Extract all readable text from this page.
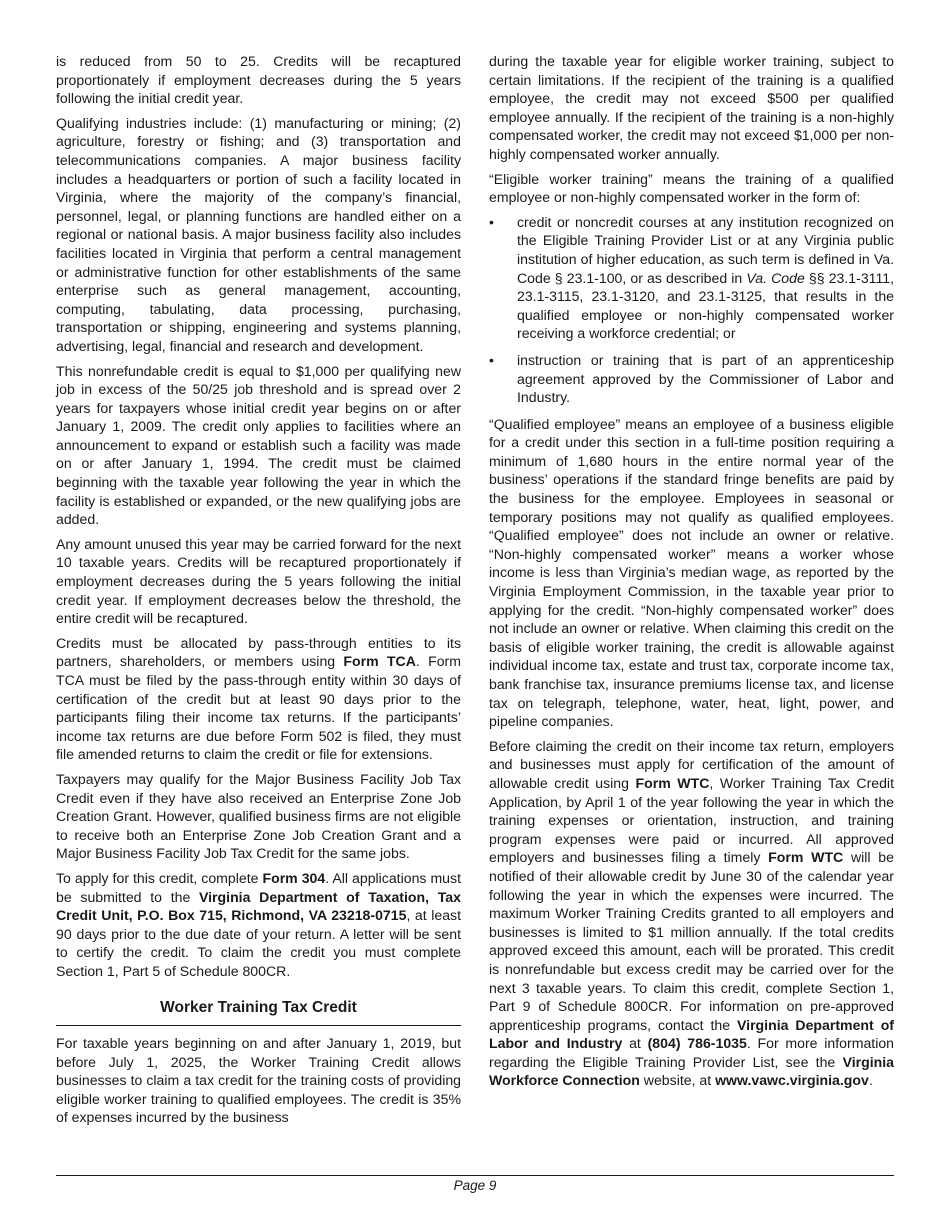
is reduced from 50 to 25. Credits will be recaptured proportionately if employment decreases during the 5 years following the initial credit year.

Qualifying industries include: (1) manufacturing or mining; (2) agriculture, forestry or fishing; and (3) transportation and telecommunications companies. A major business facility includes a headquarters or portion of such a facility located in Virginia, where the majority of the company’s financial, personnel, legal, or planning functions are handled either on a regional or national basis. A major business facility also includes facilities located in Virginia that perform a central management or administrative function for other establishments of the same enterprise such as general management, accounting, computing, tabulating, data processing, purchasing, transportation or shipping, engineering and systems planning, advertising, legal, financial and research and development.

This nonrefundable credit is equal to $1,000 per qualifying new job in excess of the 50/25 job threshold and is spread over 2 years for taxpayers whose initial credit year begins on or after January 1, 2009. The credit only applies to facilities where an announcement to expand or establish such a facility was made on or after January 1, 1994. The credit must be claimed beginning with the taxable year following the year in which the facility is established or expanded, or the new qualifying jobs are added.

Any amount unused this year may be carried forward for the next 10 taxable years. Credits will be recaptured proportionately if employment decreases during the 5 years following the initial credit year. If employment decreases below the threshold, the entire credit will be recaptured.

Credits must be allocated by pass-through entities to its partners, shareholders, or members using Form TCA. Form TCA must be filed by the pass-through entity within 30 days of certification of the credit but at least 90 days prior to the participants filing their income tax returns. If the participants’ income tax returns are due before Form 502 is filed, they must file amended returns to claim the credit or file for extensions.

Taxpayers may qualify for the Major Business Facility Job Tax Credit even if they have also received an Enterprise Zone Job Creation Grant. However, qualified business firms are not eligible to receive both an Enterprise Zone Job Creation Grant and a Major Business Facility Job Tax Credit for the same jobs.

To apply for this credit, complete Form 304. All applications must be submitted to the Virginia Department of Taxation, Tax Credit Unit, P.O. Box 715, Richmond, VA 23218-0715, at least 90 days prior to the due date of your return. A letter will be sent to certify the credit. To claim the credit you must complete Section 1, Part 5 of Schedule 800CR.

Worker Training Tax Credit

For taxable years beginning on and after January 1, 2019, but before July 1, 2025, the Worker Training Credit allows businesses to claim a tax credit for the training costs of providing eligible worker training to qualified employees. The credit is 35% of expenses incurred by the business

during the taxable year for eligible worker training, subject to certain limitations. If the recipient of the training is a qualified employee, the credit may not exceed $500 per qualified employee annually. If the recipient of the training is a non-highly compensated worker, the credit may not exceed $1,000 per non-highly compensated worker annually.

“Eligible worker training” means the training of a qualified employee or non-highly compensated worker in the form of:

• credit or noncredit courses at any institution recognized on the Eligible Training Provider List or at any Virginia public institution of higher education, as such term is defined in Va. Code § 23.1-100, or as described in Va. Code §§ 23.1-3111, 23.1-3115, 23.1-3120, and 23.1-3125, that results in the qualified employee or non-highly compensated worker receiving a workforce credential; or
• instruction or training that is part of an apprenticeship agreement approved by the Commissioner of Labor and Industry.

“Qualified employee” means an employee of a business eligible for a credit under this section in a full-time position requiring a minimum of 1,680 hours in the entire normal year of the business’ operations if the standard fringe benefits are paid by the business for the employee. Employees in seasonal or temporary positions may not qualify as qualified employees. “Qualified employee” does not include an owner or relative. “Non-highly compensated worker” means a worker whose income is less than Virginia’s median wage, as reported by the Virginia Employment Commission, in the taxable year prior to applying for the credit. “Non-highly compensated worker” does not include an owner or relative. When claiming this credit on the basis of eligible worker training, the credit is allowable against individual income tax, estate and trust tax, corporate income tax, bank franchise tax, insurance premiums license tax, and license tax on telegraph, telephone, water, heat, light, power, and pipeline companies.

Before claiming the credit on their income tax return, employers and businesses must apply for certification of the amount of allowable credit using Form WTC, Worker Training Tax Credit Application, by April 1 of the year following the year in which the training expenses or orientation, instruction, and training program expenses were paid or incurred. All approved employers and businesses filing a timely Form WTC will be notified of their allowable credit by June 30 of the calendar year following the year in which the expenses were incurred. The maximum Worker Training Credits granted to all employers and businesses is limited to $1 million annually. If the total credits approved exceed this amount, each will be prorated. This credit is nonrefundable but excess credit may be carried over for the next 3 taxable years. To claim this credit, complete Section 1, Part 9 of Schedule 800CR. For information on pre-approved apprenticeship programs, contact the Virginia Department of Labor and Industry at (804) 786-1035. For more information regarding the Eligible Training Provider List, see the Virginia Workforce Connection website, at www.vawc.virginia.gov.

Page 9
